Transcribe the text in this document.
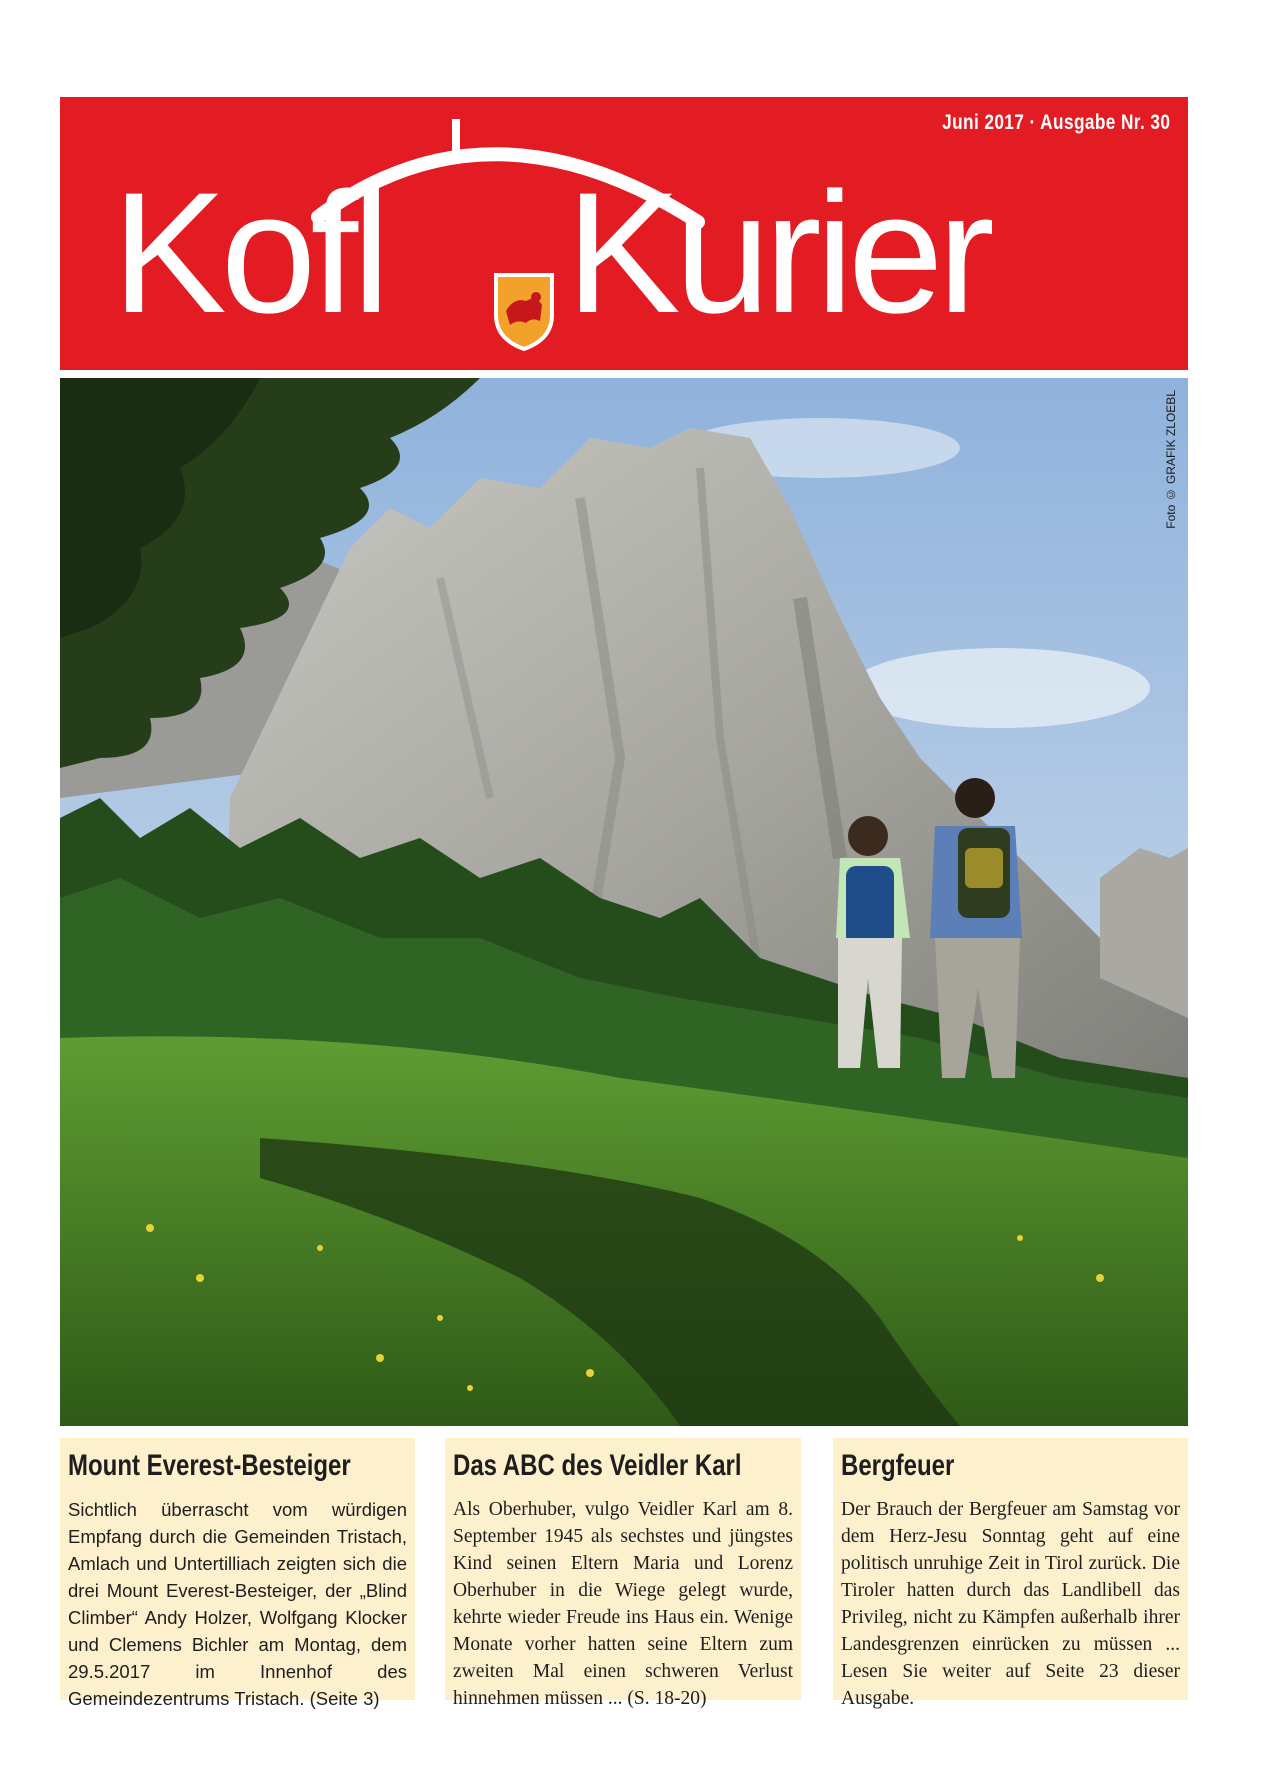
Juni 2017 · Ausgabe Nr. 30
Kofl Kurier
Foto © GRAFIK ZLOEBL
Mount Everest-Besteiger

Sichtlich überrascht vom würdigen Empfang durch die Gemeinden Tristach, Amlach und Untertilliach zeigten sich die drei Mount Everest-Besteiger, der „Blind Climber“ Andy Holzer, Wolfgang Klocker und Clemens Bichler am Montag, dem 29.5.2017 im Innenhof des Gemeindezentrums Tristach. (Seite 3)

Das ABC des Veidler Karl

Als Oberhuber, vulgo Veidler Karl am 8. September 1945 als sechstes und jüngstes Kind seinen Eltern Maria und Lorenz Oberhuber in die Wiege gelegt wurde, kehrte wieder Freude ins Haus ein. Wenige Monate vorher hatten seine Eltern zum zweiten Mal einen schweren Verlust hinnehmen müssen ... (S. 18-20)

Bergfeuer

Der Brauch der Bergfeuer am Samstag vor dem Herz-Jesu Sonntag geht auf eine politisch unruhige Zeit in Tirol zurück. Die Tiroler hatten durch das Landlibell das Privileg, nicht zu Kämpfen außerhalb ihrer Landesgrenzen einrücken zu müssen ... Lesen Sie weiter auf Seite 23 dieser Ausgabe.
